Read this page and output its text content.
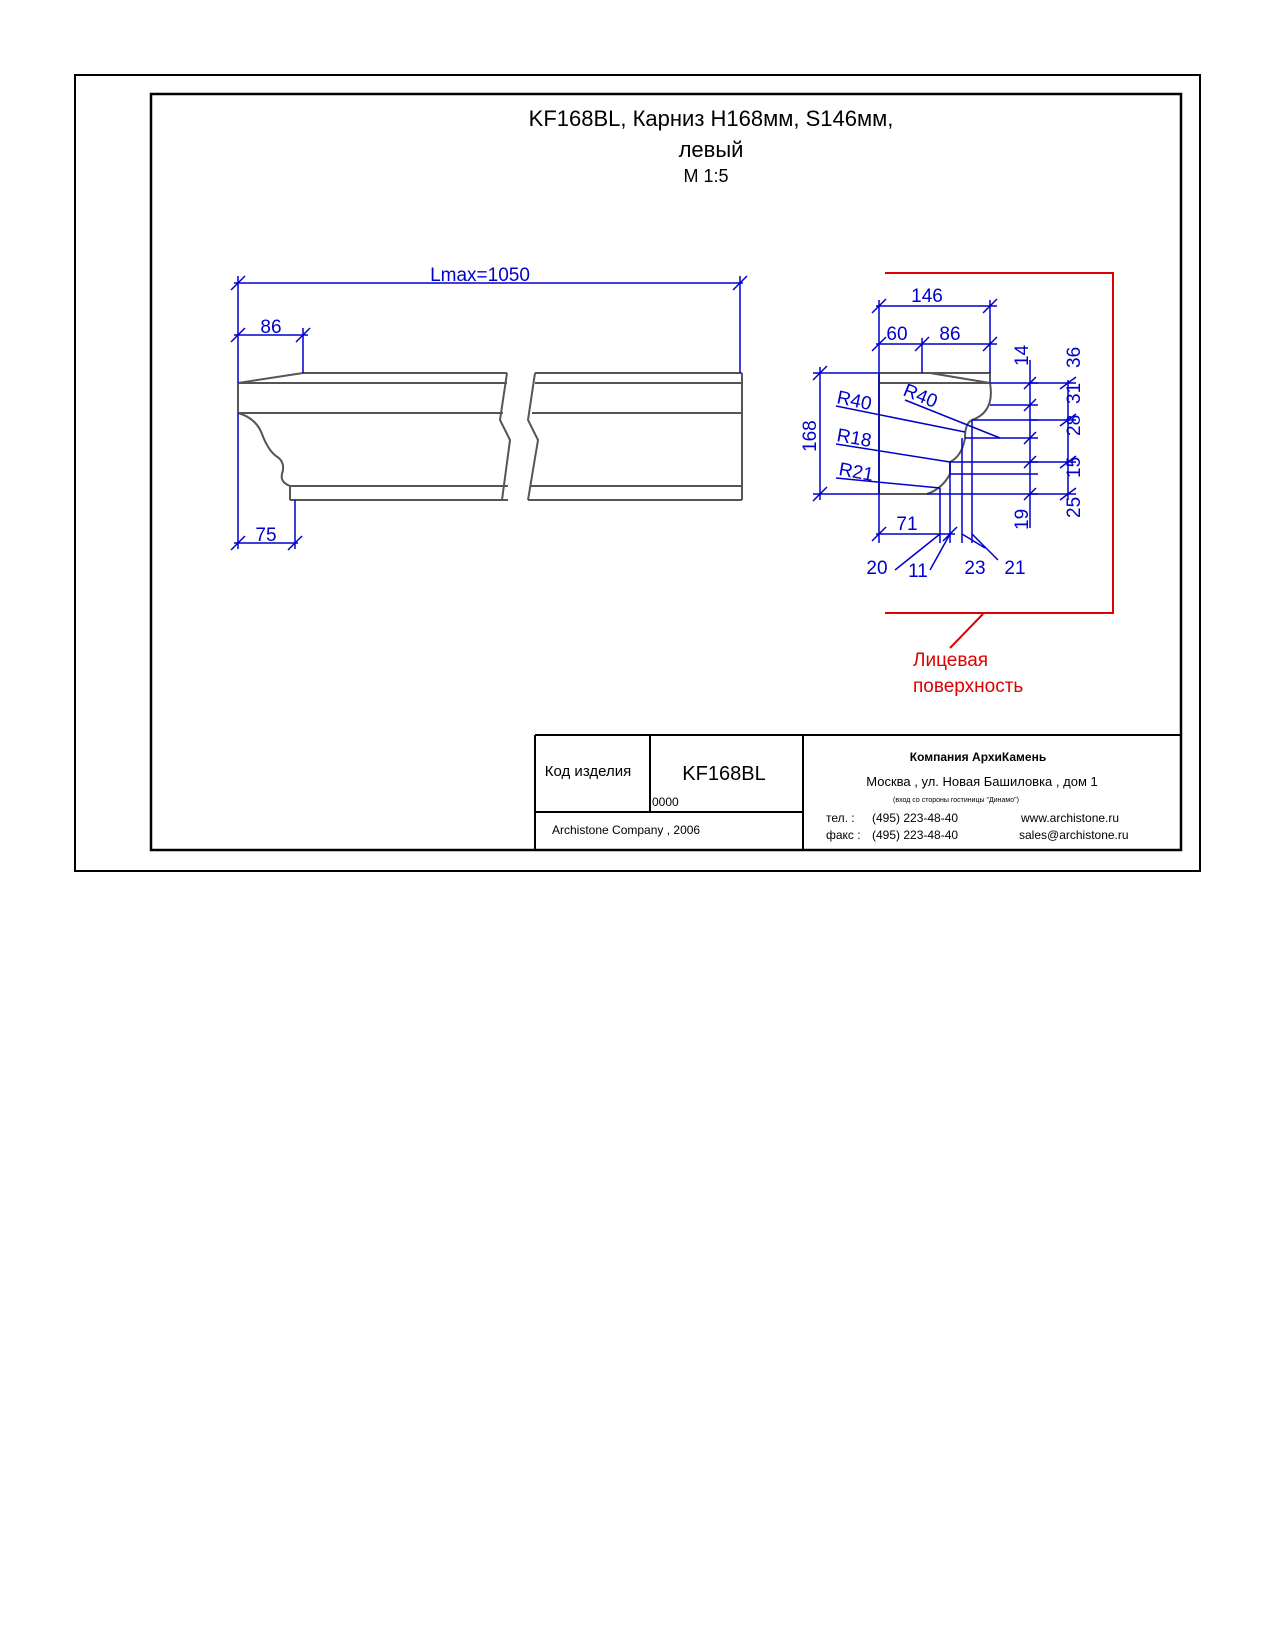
KF168BL, Карниз Н168мм, S146мм,
левый
М 1:5
Lmax=1050
86
75
146
60 86
168
R40 R40
R18
R21
14
28
15
19
36
31
25
71
20 11 23 21
Лицевая
поверхность
Код изделия	KF168BL
0000
Archistone Company , 2006
Компания АрхиКамень
Москва , ул. Новая Башиловка , дом 1
(вход со стороны гостиницы "Динамо")
тел. : (495) 223-48-40
факс : (495) 223-48-40
www.archistone.ru
sales@archistone.ru
